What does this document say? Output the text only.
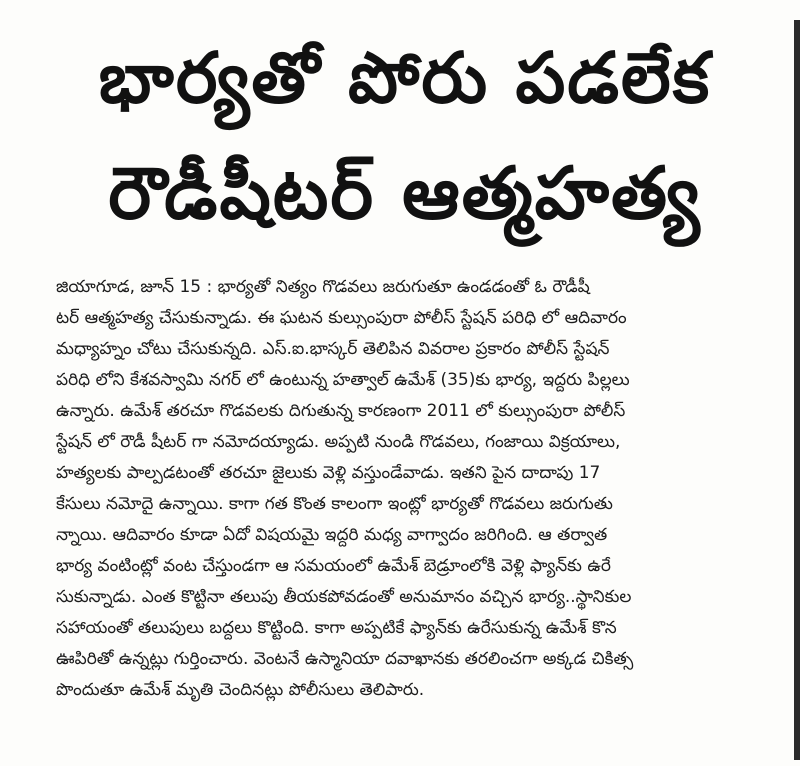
భార్యతో పోరు పడలేక
రౌడీషీటర్ ఆత్మహత్య
జియాగూడ, జూన్ 15 : భార్యతో నిత్యం గొడవలు జరుగుతూ ఉండడంతో ఓ రౌడీషీ
టర్ ఆత్మహత్య చేసుకున్నాడు. ఈ ఘటన కుల్సుంపురా పోలీస్ స్టేషన్ పరిధి లో ఆదివారం
మధ్యాహ్నం చోటు చేసుకున్నది. ఎస్.ఐ.భాస్కర్ తెలిపిన వివరాల ప్రకారం పోలీస్ స్టేషన్
పరిధి లోని కేశవస్వామి నగర్ లో ఉంటున్న హత్వాల్ ఉమేశ్ (35)కు భార్య, ఇద్దరు పిల్లలు
ఉన్నారు. ఉమేశ్ తరచూ గొడవలకు దిగుతున్న కారణంగా 2011 లో కుల్సుంపురా పోలీస్
స్టేషన్ లో రౌడీ షీటర్ గా నమోదయ్యాడు. అప్పటి నుండి గొడవలు, గంజాయి విక్రయాలు,
హత్యలకు పాల్పడటంతో తరచూ జైలుకు వెళ్లి వస్తుండేవాడు. ఇతని పైన దాదాపు 17
కేసులు నమోదై ఉన్నాయి. కాగా గత కొంత కాలంగా ఇంట్లో భార్యతో గొడవలు జరుగుతు
న్నాయి. ఆదివారం కూడా ఏదో విషయమై ఇద్దరి మధ్య వాగ్వాదం జరిగింది. ఆ తర్వాత
భార్య వంటింట్లో వంట చేస్తుండగా ఆ సమయంలో ఉమేశ్ బెడ్రూంలోకి వెళ్లి ఫ్యాన్‌కు ఉరే
సుకున్నాడు. ఎంత కొట్టినా తలుపు తీయకపోవడంతో అనుమానం వచ్చిన భార్య..స్థానికుల
సహాయంతో తలుపులు బద్దలు కొట్టింది. కాగా అప్పటికే ఫ్యాన్‌కు ఉరేసుకున్న ఉమేశ్ కొన
ఊపిరితో ఉన్నట్లు గుర్తించారు. వెంటనే ఉస్మానియా దవాఖానకు తరలించగా అక్కడ చికిత్స
పొందుతూ ఉమేశ్ మృతి చెందినట్లు పోలీసులు తెలిపారు.
